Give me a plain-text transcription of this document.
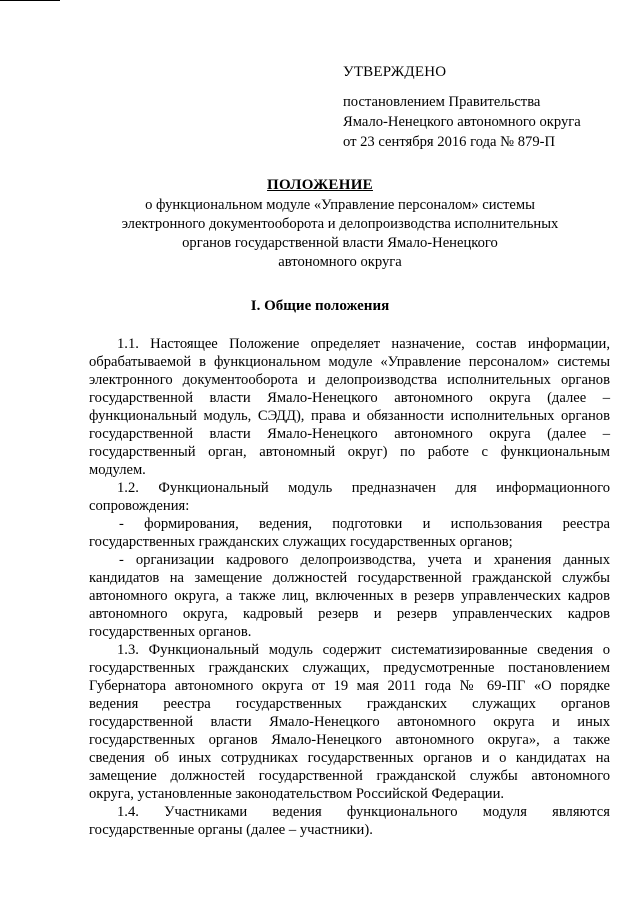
УТВЕРЖДЕНО
постановлением Правительства
Ямало-Ненецкого автономного округа
от 23 сентября 2016 года № 879-П
ПОЛОЖЕНИЕ
о функциональном модуле «Управление персоналом» системы
электронного документооборота и делопроизводства исполнительных
органов государственной власти Ямало-Ненецкого
автономного округа
I. Общие положения
1.1. Настоящее Положение определяет назначение, состав информации,
обрабатываемой в функциональном модуле «Управление персоналом» системы
электронного документооборота и делопроизводства исполнительных органов
государственной власти Ямало-Ненецкого автономного округа (далее –
функциональный модуль, СЭДД), права и обязанности исполнительных органов
государственной власти Ямало-Ненецкого автономного округа (далее –
государственный орган, автономный округ) по работе с функциональным
модулем.
1.2. Функциональный модуль предназначен для информационного
сопровождения:
- формирования, ведения, подготовки и использования реестра
государственных гражданских служащих государственных органов;
- организации кадрового делопроизводства, учета и хранения данных
кандидатов на замещение должностей государственной гражданской службы
автономного округа, а также лиц, включенных в резерв управленческих кадров
автономного округа, кадровый резерв и резерв управленческих кадров
государственных органов.
1.3. Функциональный модуль содержит систематизированные сведения о
государственных гражданских служащих, предусмотренные постановлением
Губернатора автономного округа от 19 мая 2011 года № 69-ПГ «О порядке
ведения реестра государственных гражданских служащих органов
государственной власти Ямало-Ненецкого автономного округа и иных
государственных органов Ямало-Ненецкого автономного округа», а также
сведения об иных сотрудниках государственных органов и о кандидатах на
замещение должностей государственной гражданской службы автономного
округа, установленные законодательством Российской Федерации.
1.4. Участниками ведения функционального модуля являются
государственные органы (далее – участники).
